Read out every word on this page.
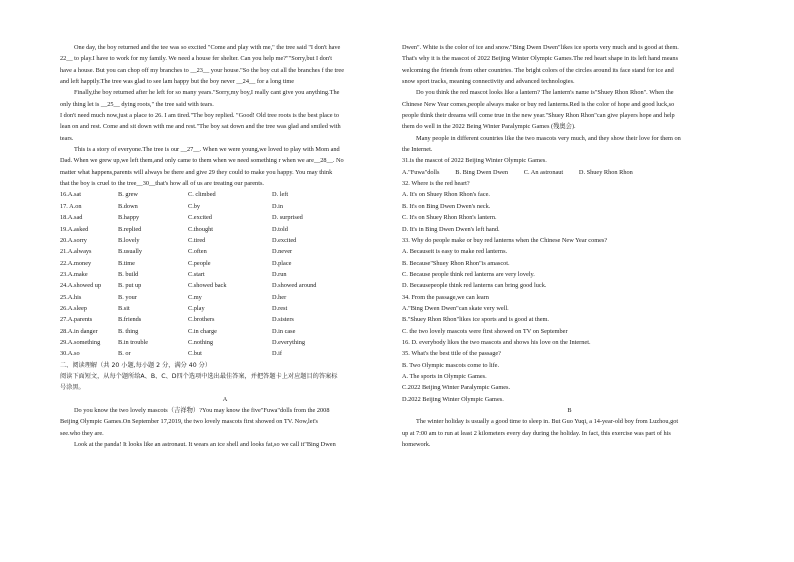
One day, the boy returned and the tee was so excited "Come and play with me," the tree said "I don't have

22__ to play.I have to work for my family. We need a house fer shelter. Can you help me?""Sorry,but I don't

have a house. But you can chop off my branches to __23__ your house."So the boy cut all the branches f the tree

and left happily.The tree was glad to see lam happy but the boy never __24__ for a long time

Finally,the boy returned after he left for so many years."Sorry,my boy,I really cant give you anything.The

only thing let is __25__ dying roots," the tree said with tears.

I don't need much now,just a place to 26. I am tired."The boy replied. "Good! Old tree roots is the best place to

lean on and rest. Come and sit down with me and rest."The boy sat down and the tree was glad and smiled with

tears.

This is a story of everyone.The tree is our __27__. When we were young,we loved to play with Mom and

Dad. When we grew up,we left them,and only came to them when we need something r when we are__28__. No

matter what happens,parents will always be there and give 29 they could to make you happy. You may think

that the boy is cruel to the tree__30__that's how all of us are treating our parents.

16.A.sat	B. grew	C. climbed	D. left
17. A.on	B.down	C.by	D.in
18.A.sad	B.happy	C.excited	D. surprised
19.A.asked	B.replied	C.thought	D.told
20.A.sorry	B.lovely	C.tired	D.excited
21.A.always	B.usually	C.often	D.never
22.A.money	B.time	C.people	D.place
23.A.make	B. build	C.start	D.run
24.A.showed up	B. put up	C.showed back	D.showed around
25.A.his	B. your	C.my	D.her
26.A.sleep	B.sit	C.play	D.rest
27.A.parents	B.friends	C.brothers	D.sisters
28.A.in danger	B. thing	C.in charge	D.in case
29.A.something	B.in trouble	C.nothing	D.everything
30.A.so	B. or	C.but	D.if

二、阅读理解（共 20 小题,每小题 2 分，满分 40 分）

阅读下面短文，从每个题所给A、B、C、D四个选项中选出最佳答案，并把答题卡上对应题目的答案标

号涂黑。

A

Do you know the two lovely mascots（吉祥物）?You may know the five"Fuwa"dolls from the 2008

Beijing Olympic Games.On September 17,2019, the two lovely mascots first showed on TV. Now,let's

see.who they are.

Look at the panda! It looks like an astronaut. It wears an ice shell and looks fat,so we call it"Bing Dwen

Dwen". White is the color of ice and snow."Bing Dwen Dwen"likes ice sports very much and is good at them.

That's why it is the mascot of 2022 Beijing Winter Olympic Games.The red heart shape in its left hand means

welcoming the friends from other countries. The bright colors of the circles around its face stand for ice and

snow sport tracks, meaning connectivity and advanced technologies.

Do you think the red mascot looks like a lantern? The lantern's name is"Shuey Rhon Rhon". When the

Chinese New Year comes,people always make or buy red lanterns.Red is the color of hope and good luck,so

people think their dreams will come true in the new year."Shuey Rhon Rhon"can give players hope and help

them do well in the 2022 Being Winter Paralympic Games (残奥会).

Many people in different countries like the two mascots very much, and they show their love for them on

the Internet.

31.is the mascot of 2022 Beijing Winter Olympic Games.

A."Fuwa"dolls          B. Bing Dwen Dwen          C. An astronaut          D. Shuey Rhon Rhon

32. Where is the red heart?

A. It's on Shuey Rhon Rhon's face.

B. It's on Bing Dwen Dwen's neck.

C. It's on Shuey Rhon Rhon's lantern.

D. It's in Bing Dwen Dwen's left hand.

33. Why do people make or buy red lanterns when the Chinese New Year comes?

A. Becauseit is easy to make red lanterns.

B. Because"Shuey Rhon Rhon"is amascot.

C. Because people think red lanterns are very lovely.

D. Becausepeople think red lanterns can bring good luck.

34. From the passage,we can learn

A."Bing Dwen Dwen"can skate very well.

B."Shuey Rhon Rhon"likes ice sports and is good at them.

C. the two lovely mascots were first showed on TV on September

16. D. everybody likes the two mascots and shows his love on the Internet.

35. What's the best title of the passage?

B. Two Olympic mascots come to life.

A. The sports in Olympic Games.

C.2022 Beijing Winter Paralympic Games.

D.2022 Beijing Winter Olympic Games.

B

The winter holiday is usually a good time to sleep in. But Guo Yuqi, a 14-year-old boy from Luzhou,got

up at 7:00 am to run at least 2 kilometers every day during the holiday. In fact, this exercise was part of his

homework.
